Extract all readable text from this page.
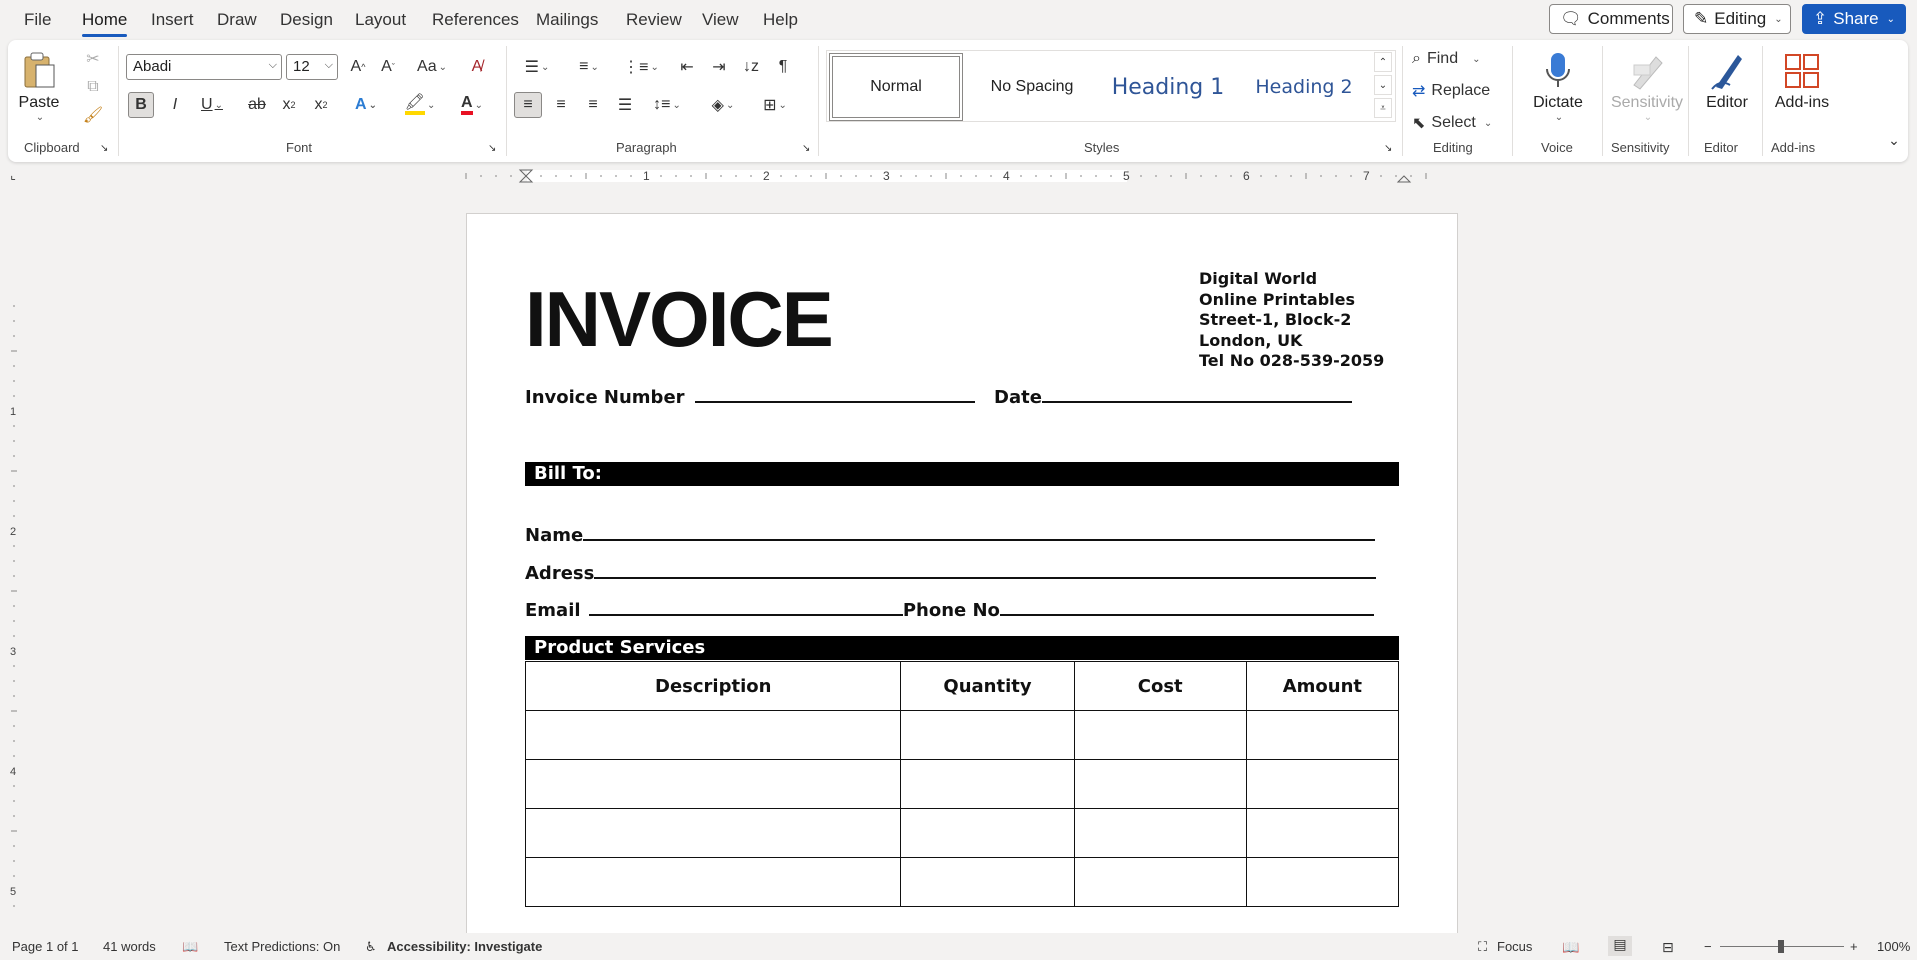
File Home Insert Draw Design Layout References Mailings Review View Help	🗨 Comments ✎ Editing ⌄ ⇪ Share ⌄
Paste
⌄
✂
⧉
🖌
Clipboard ↘
Abadi	⌵	12 ⌵ A ^ A ˇ	Aa ⌄	A̸
B	I	U ⌄ ab	x 2	x 2	A ⌄ 🖍 ⌄ A ⌄
Font	↘
☰ ⌄	≡ ⌄ ⋮≡ ⌄	⇤	⇥	↓z	¶
≡	≡	≡	☰	↕≡ ⌄	◈ ⌄	⊞ ⌄
Paragraph	↘
Normal	No Spacing	Heading 1	Heading 2
⌃
⌄
⩡
Styles	↘
⌕ Find ⌄
⇄ Replace
⬉ Select ⌄
Editing
Dictate
⌄
Voice
Sensitivity
⌄
Sensitivity
Editor
Editor
Add-ins
Add-ins	⌄
⌞	1	2	3	4	5	6	7
1
2
3
4
5
INVOICE	Digital World
Online Printables
Street-1, Block-2
London, UK
Tel No 028-539-2059
Invoice Number	Date
Bill To:
Name
Adress
Email	Phone No
Product Services
Description	Quantity	Cost	Amount

Page 1 of 1 41 words 📖 Text Predictions: On ♿ Accessibility: Investigate	⛶ Focus 📖	▤	⊟ −	+ 100%
